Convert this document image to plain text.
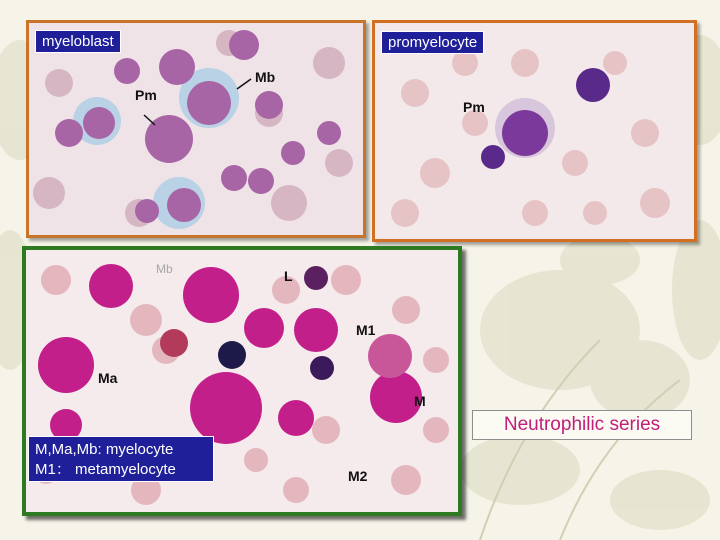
myeloblast
Pm
Mb
promyelocyte
Pm
Mb	L
M1
Ma
M
M2
M,Ma,Mb: myelocyte
M1： metamyelocyte
Neutrophilic series
